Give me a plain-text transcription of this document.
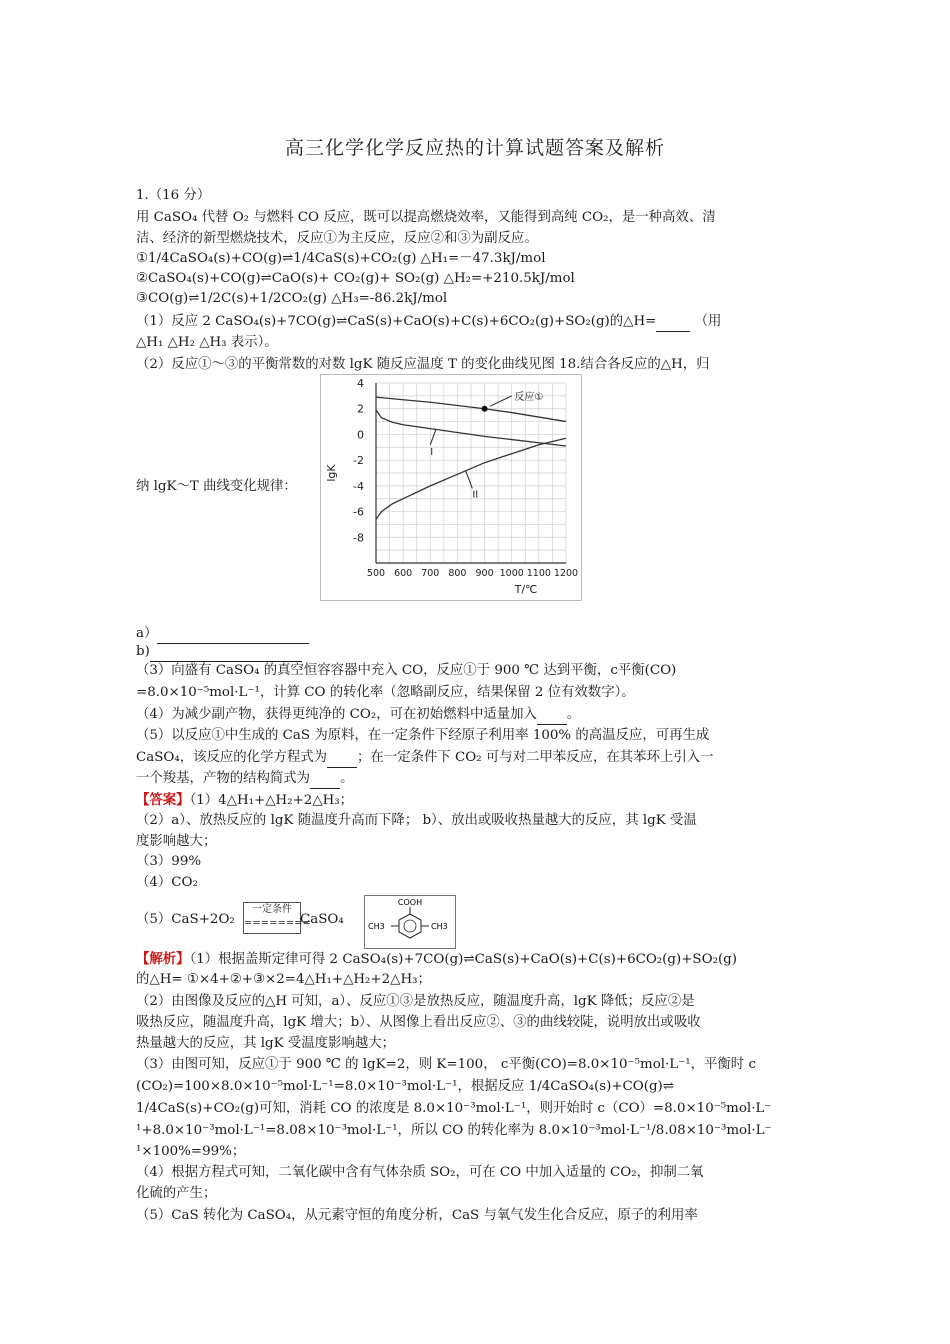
高三化学化学反应热的计算试题答案及解析
1.（16 分）
用 CaSO₄ 代替 O₂ 与燃料 CO 反应，既可以提高燃烧效率，又能得到高纯 CO₂，是一种高效、清
洁、经济的新型燃烧技术，反应①为主反应，反应②和③为副反应。
①1/4CaSO₄(s)+CO(g)⇌1/4CaS(s)+CO₂(g) △H₁=－47.3kJ/mol
②CaSO₄(s)+CO(g)⇌CaO(s)+ CO₂(g)+ SO₂(g) △H₂=+210.5kJ/mol
③CO(g)⇌1/2C(s)+1/2CO₂(g) △H₃=-86.2kJ/mol
（1）反应 2 CaSO₄(s)+7CO(g)⇌CaS(s)+CaO(s)+C(s)+6CO₂(g)+SO₂(g)的△H=	（用
△H₁ △H₂ △H₃ 表示）。
（2）反应①～③的平衡常数的对数 lgK 随反应温度 T 的变化曲线见图 18.结合各反应的△H，归
4
2
0
-2
-4
-6
-8
500 600 700 800 900 1000 1100 1200
T/℃
lgK
反应①
I
II
纳 lgK～T 曲线变化规律：
a）
b)
（3）向盛有 CaSO₄ 的真空恒容容器中充入 CO，反应①于 900 ℃ 达到平衡，c平衡(CO)
=8.0×10⁻⁵mol·L⁻¹，计算 CO 的转化率（忽略副反应，结果保留 2 位有效数字）。
（4）为减少副产物，获得更纯净的 CO₂，可在初始燃料中适量加入 。
（5）以反应①中生成的 CaS 为原料，在一定条件下经原子利用率 100% 的高温反应，可再生成
CaSO₄，该反应的化学方程式为 ；在一定条件下 CO₂ 可与对二甲苯反应，在其苯环上引入一
一个羧基，产物的结构简式为 。
【答案】（1）4△H₁+△H₂+2△H₃；
（2）a）、放热反应的 lgK 随温度升高而下降； b）、放出或吸收热量越大的反应，其 lgK 受温
度影响越大；
（3）99%
（4）CO₂
（5）CaS+2O₂
一定条件
========
CaSO₄
COOH
CH3	CH3
【解析】（1）根据盖斯定律可得 2 CaSO₄(s)+7CO(g)⇌CaS(s)+CaO(s)+C(s)+6CO₂(g)+SO₂(g)
的△H= ①×4+②+③×2=4△H₁+△H₂+2△H₃；
（2）由图像及反应的△H 可知，a）、反应①③是放热反应，随温度升高，lgK 降低；反应②是
吸热反应，随温度升高，lgK 增大；b）、从图像上看出反应②、③的曲线较陡，说明放出或吸收
热量越大的反应，其 lgK 受温度影响越大；
（3）由图可知，反应①于 900 ℃ 的 lgK=2，则 K=100， c平衡(CO)=8.0×10⁻⁵mol·L⁻¹，平衡时 c
(CO₂)=100×8.0×10⁻⁵mol·L⁻¹=8.0×10⁻³mol·L⁻¹，根据反应 1/4CaSO₄(s)+CO(g)⇌
1/4CaS(s)+CO₂(g)可知，消耗 CO 的浓度是 8.0×10⁻³mol·L⁻¹，则开始时 c（CO）=8.0×10⁻⁵mol·L⁻
¹+8.0×10⁻³mol·L⁻¹=8.08×10⁻³mol·L⁻¹，所以 CO 的转化率为 8.0×10⁻³mol·L⁻¹/8.08×10⁻³mol·L⁻
¹×100%=99%；
（4）根据方程式可知，二氧化碳中含有气体杂质 SO₂，可在 CO 中加入适量的 CO₂，抑制二氧
化硫的产生；
（5）CaS 转化为 CaSO₄，从元素守恒的角度分析，CaS 与氧气发生化合反应，原子的利用率
